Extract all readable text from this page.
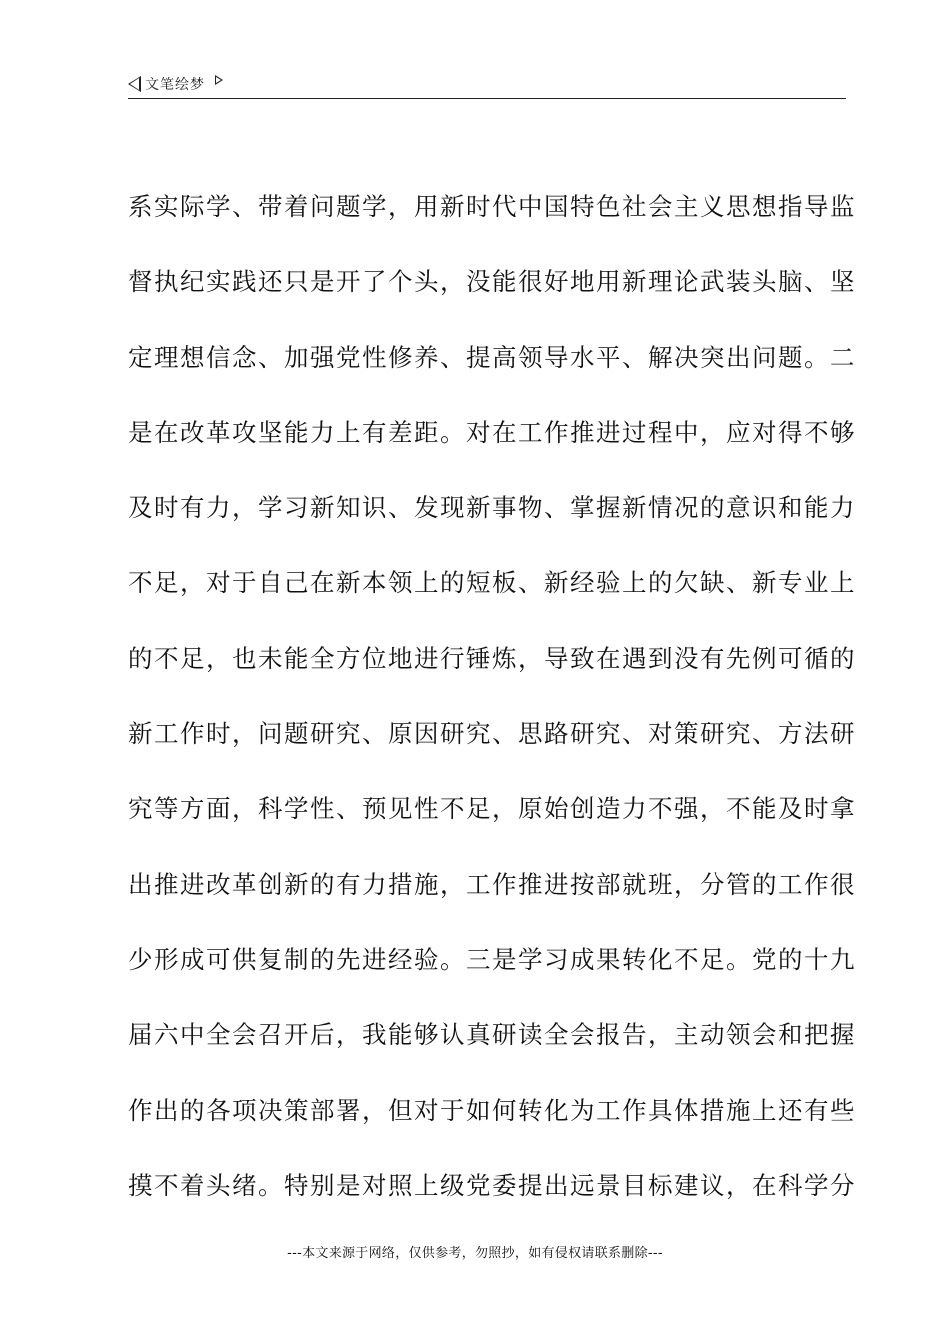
文笔绘梦
系实际学、带着问题学，用新时代中国特色社会主义思想指导监
督执纪实践还只是开了个头，没能很好地用新理论武装头脑、坚
定理想信念、加强党性修养、提高领导水平、解决突出问题。二
是在改革攻坚能力上有差距。对在工作推进过程中，应对得不够
及时有力，学习新知识、发现新事物、掌握新情况的意识和能力
不足，对于自己在新本领上的短板、新经验上的欠缺、新专业上
的不足，也未能全方位地进行锤炼，导致在遇到没有先例可循的
新工作时，问题研究、原因研究、思路研究、对策研究、方法研
究等方面，科学性、预见性不足，原始创造力不强，不能及时拿
出推进改革创新的有力措施，工作推进按部就班，分管的工作很
少形成可供复制的先进经验。三是学习成果转化不足。党的十九
届六中全会召开后，我能够认真研读全会报告，主动领会和把握
作出的各项决策部署，但对于如何转化为工作具体措施上还有些
摸不着头绪。特别是对照上级党委提出远景目标建议，在科学分
---本文来源于网络，仅供参考，勿照抄，如有侵权请联系删除---
